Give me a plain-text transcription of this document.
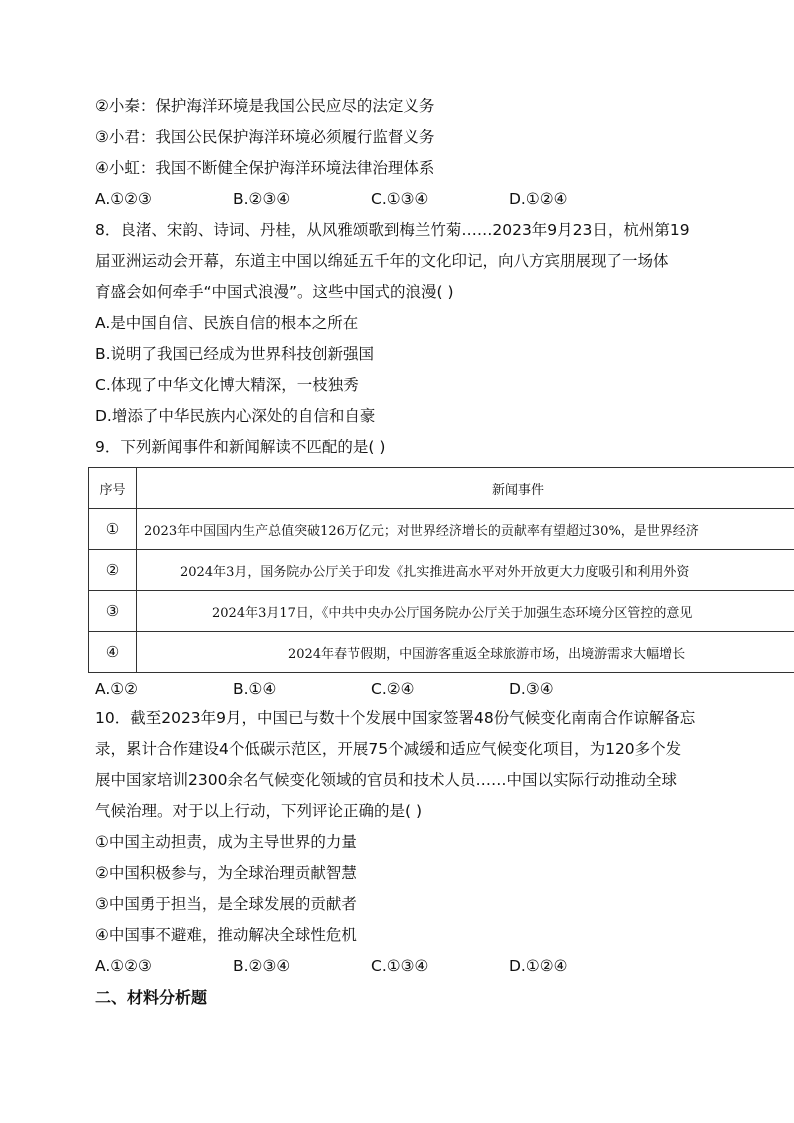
②小秦：保护海洋环境是我国公民应尽的法定义务
③小君：我国公民保护海洋环境必须履行监督义务
④小虹：我国不断健全保护海洋环境法律治理体系
A.①②③	B.②③④	C.①③④	D.①②④
8．良渚、宋韵、诗词、丹桂，从风雅颂歌到梅兰竹菊……2023年9月23日，杭州第19
届亚洲运动会开幕，东道主中国以绵延五千年的文化印记，向八方宾朋展现了一场体
育盛会如何牵手“中国式浪漫”。这些中国式的浪漫( )
A.是中国自信、民族自信的根本之所在
B.说明了我国已经成为世界科技创新强国
C.体现了中华文化博大精深，一枝独秀
D.增添了中华民族内心深处的自信和自豪
9．下列新闻事件和新闻解读不匹配的是( )
序号	新闻事件
①	2023年中国国内生产总值突破126万亿元；对世界经济增长的贡献率有望超过30%，是世界经济
②	2024年3月，国务院办公厅关于印发《扎实推进高水平对外开放更大力度吸引和利用外资
③	2024年3月17日，《中共中央办公厅国务院办公厅关于加强生态环境分区管控的意见
④	2024年春节假期，中国游客重返全球旅游市场，出境游需求大幅增长
A.①②	B.①④	C.②④	D.③④
10．截至2023年9月，中国已与数十个发展中国家签署48份气候变化南南合作谅解备忘
录，累计合作建设4个低碳示范区，开展75个减缓和适应气候变化项目，为120多个发
展中国家培训2300余名气候变化领域的官员和技术人员……中国以实际行动推动全球
气候治理。对于以上行动，下列评论正确的是( )
①中国主动担责，成为主导世界的力量
②中国积极参与，为全球治理贡献智慧
③中国勇于担当，是全球发展的贡献者
④中国事不避难，推动解决全球性危机
A.①②③	B.②③④	C.①③④	D.①②④
二、材料分析题
